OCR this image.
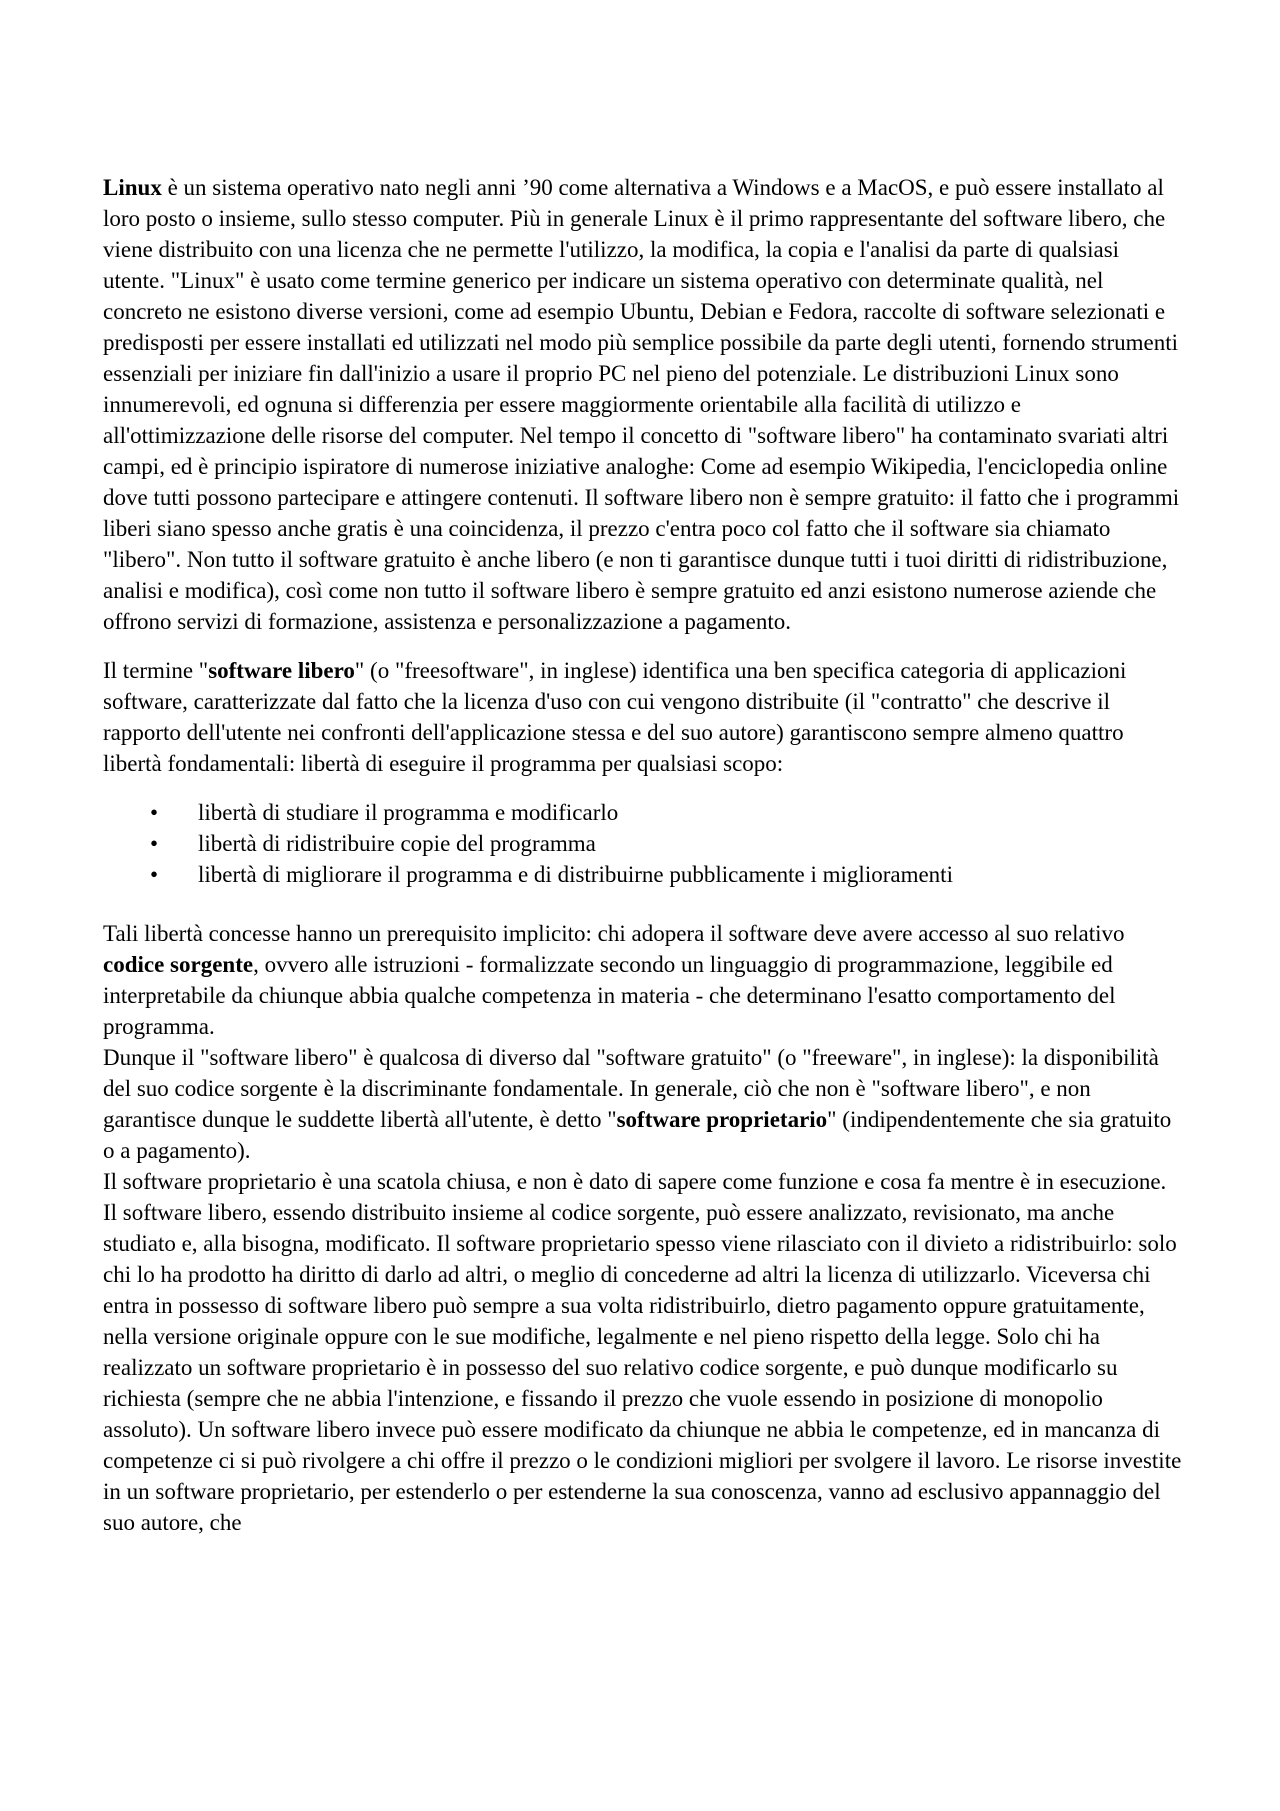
Linux è un sistema operativo nato negli anni ’90 come alternativa a Windows e a MacOS, e può essere installato al loro posto o insieme, sullo stesso computer. Più in generale Linux è il primo rappresentante del software libero, che viene distribuito con una licenza che ne permette l'utilizzo, la modifica, la copia e l'analisi da parte di qualsiasi utente. "Linux" è usato come termine generico per indicare un sistema operativo con determinate qualità, nel concreto ne esistono diverse versioni, come ad esempio Ubuntu, Debian e Fedora, raccolte di software selezionati e predisposti per essere installati ed utilizzati nel modo più semplice possibile da parte degli utenti, fornendo strumenti essenziali per iniziare fin dall'inizio a usare il proprio PC nel pieno del potenziale. Le distribuzioni Linux sono innumerevoli, ed ognuna si differenzia per essere maggiormente orientabile alla facilità di utilizzo e all'ottimizzazione delle risorse del computer. Nel tempo il concetto di "software libero" ha contaminato svariati altri campi, ed è principio ispiratore di numerose iniziative analoghe: Come ad esempio Wikipedia, l'enciclopedia online dove tutti possono partecipare e attingere contenuti. Il software libero non è sempre gratuito: il fatto che i programmi liberi siano spesso anche gratis è una coincidenza, il prezzo c'entra poco col fatto che il software sia chiamato "libero". Non tutto il software gratuito è anche libero (e non ti garantisce dunque tutti i tuoi diritti di ridistribuzione, analisi e modifica), così come non tutto il software libero è sempre gratuito ed anzi esistono numerose aziende che offrono servizi di formazione, assistenza e personalizzazione a pagamento.

Il termine "software libero" (o "freesoftware", in inglese) identifica una ben specifica categoria di applicazioni software, caratterizzate dal fatto che la licenza d'uso con cui vengono distribuite (il "contratto" che descrive il rapporto dell'utente nei confronti dell'applicazione stessa e del suo autore) garantiscono sempre almeno quattro libertà fondamentali: libertà di eseguire il programma per qualsiasi scopo:

• libertà di studiare il programma e modificarlo
• libertà di ridistribuire copie del programma
• libertà di migliorare il programma e di distribuirne pubblicamente i miglioramenti

Tali libertà concesse hanno un prerequisito implicito: chi adopera il software deve avere accesso al suo relativo codice sorgente, ovvero alle istruzioni - formalizzate secondo un linguaggio di programmazione, leggibile ed interpretabile da chiunque abbia qualche competenza in materia - che determinano l'esatto comportamento del programma.

Dunque il "software libero" è qualcosa di diverso dal "software gratuito" (o "freeware", in inglese): la disponibilità del suo codice sorgente è la discriminante fondamentale. In generale, ciò che non è "software libero", e non garantisce dunque le suddette libertà all'utente, è detto "software proprietario" (indipendentemente che sia gratuito o a pagamento).

Il software proprietario è una scatola chiusa, e non è dato di sapere come funzione e cosa fa mentre è in esecuzione. Il software libero, essendo distribuito insieme al codice sorgente, può essere analizzato, revisionato, ma anche studiato e, alla bisogna, modificato. Il software proprietario spesso viene rilasciato con il divieto a ridistribuirlo: solo chi lo ha prodotto ha diritto di darlo ad altri, o meglio di concederne ad altri la licenza di utilizzarlo. Viceversa chi entra in possesso di software libero può sempre a sua volta ridistribuirlo, dietro pagamento oppure gratuitamente, nella versione originale oppure con le sue modifiche, legalmente e nel pieno rispetto della legge. Solo chi ha realizzato un software proprietario è in possesso del suo relativo codice sorgente, e può dunque modificarlo su richiesta (sempre che ne abbia l'intenzione, e fissando il prezzo che vuole essendo in posizione di monopolio assoluto). Un software libero invece può essere modificato da chiunque ne abbia le competenze, ed in mancanza di competenze ci si può rivolgere a chi offre il prezzo o le condizioni migliori per svolgere il lavoro. Le risorse investite in un software proprietario, per estenderlo o per estenderne la sua conoscenza, vanno ad esclusivo appannaggio del suo autore, che
